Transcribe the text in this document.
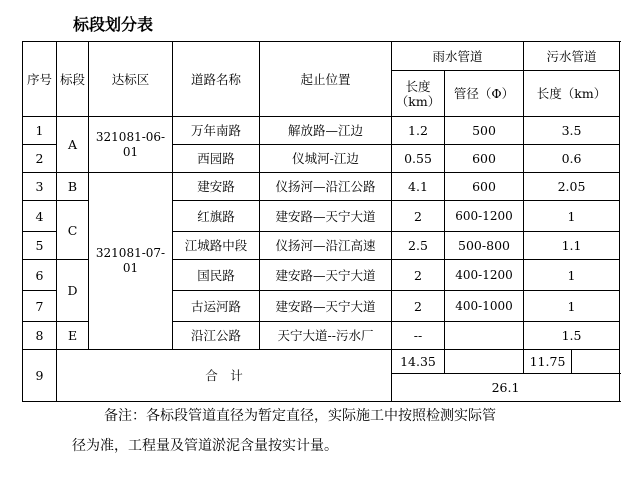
标段划分表
序号	标段	达标区	道路名称	起止位置	雨水管道		污水管道		
					长度（km）	管径（Φ）	长度（km）	
1	A	321081-06-01	万年南路	解放路—江边	1.2	500	3.5	
2			西园路	仪城河-江边	0.55	600	0.6	
3	B	321081-07-01	建安路	仪扬河—沿江公路	4.1	600	2.05	
4	C		红旗路	建安路—天宁大道	2	600-1200	1	
5			江城路中段	仪扬河—沿江高速	2.5	500-800	1.1	
6	D		国民路	建安路—天宁大道	2	400-1200	1	
7			古运河路	建安路—天宁大道	2	400-1000	1	
8	E		沿江公路	天宁大道--污水厂	--		1.5	
9	合　计				14.35		11.75		
					26.1				

备注：各标段管道直径为暂定直径，实际施工中按照检测实际管

径为准，工程量及管道淤泥含量按实计量。
